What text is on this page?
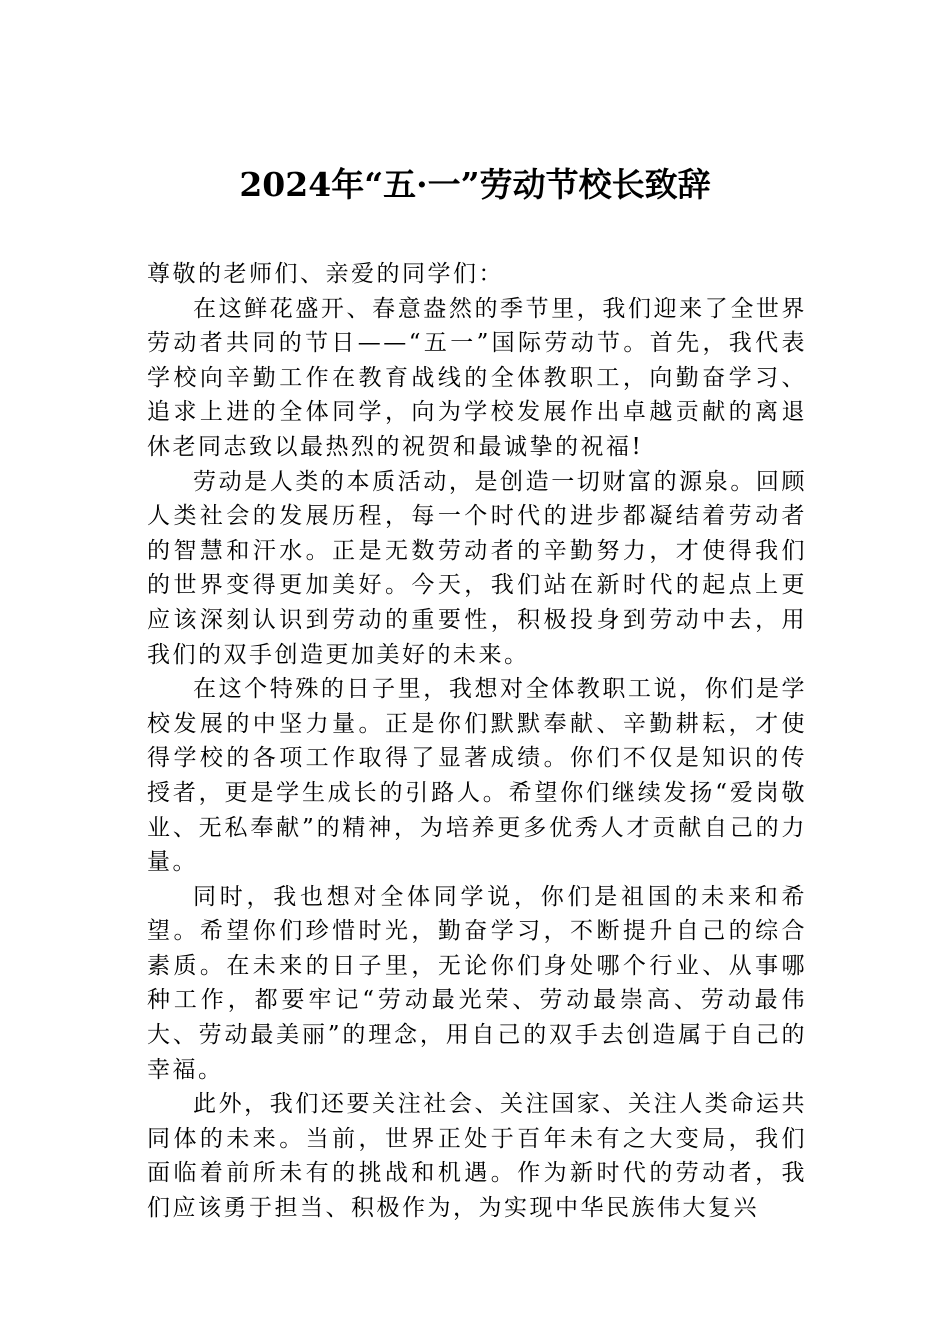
2024年“五·一”劳动节校长致辞

尊敬的老师们、亲爱的同学们：

在这鲜花盛开、春意盎然的季节里，我们迎来了全世界劳动者共同的节日——“五一”国际劳动节。首先，我代表学校向辛勤工作在教育战线的全体教职工，向勤奋学习、追求上进的全体同学，向为学校发展作出卓越贡献的离退休老同志致以最热烈的祝贺和最诚挚的祝福!

劳动是人类的本质活动，是创造一切财富的源泉。回顾人类社会的发展历程，每一个时代的进步都凝结着劳动者的智慧和汗水。正是无数劳动者的辛勤努力，才使得我们的世界变得更加美好。今天，我们站在新时代的起点上更应该深刻认识到劳动的重要性，积极投身到劳动中去，用我们的双手创造更加美好的未来。

在这个特殊的日子里，我想对全体教职工说，你们是学校发展的中坚力量。正是你们默默奉献、辛勤耕耘，才使得学校的各项工作取得了显著成绩。你们不仅是知识的传授者，更是学生成长的引路人。希望你们继续发扬“爱岗敬业、无私奉献”的精神，为培养更多优秀人才贡献自己的力量。

同时，我也想对全体同学说，你们是祖国的未来和希望。希望你们珍惜时光，勤奋学习，不断提升自己的综合素质。在未来的日子里，无论你们身处哪个行业、从事哪种工作，都要牢记“劳动最光荣、劳动最崇高、劳动最伟大、劳动最美丽”的理念，用自己的双手去创造属于自己的幸福。

此外，我们还要关注社会、关注国家、关注人类命运共同体的未来。当前，世界正处于百年未有之大变局，我们面临着前所未有的挑战和机遇。作为新时代的劳动者，我们应该勇于担当、积极作为，为实现中华民族伟大复兴
